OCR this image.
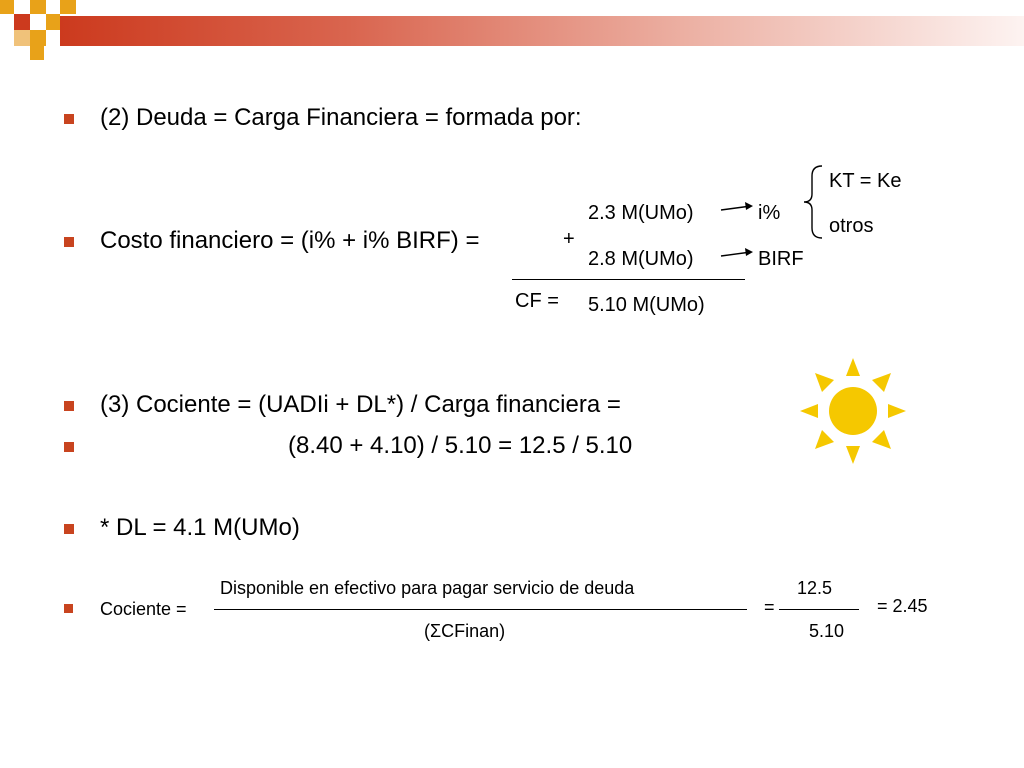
(2) Deuda = Carga Financiera = formada por:
Costo financiero = (i% + i% BIRF) =	+
2.3 M(UMo)	i%
2.8 M(UMo)	BIRF
KT = Ke
otros
CF = 5.10 M(UMo)
(3) Cociente = (UADIi + DL*) / Carga financiera =
(8.40 + 4.10) / 5.10 = 12.5 / 5.10
* DL = 4.1 M(UMo)
Cociente =
Disponible en efectivo para pagar servicio de deuda
(ΣCFinan)
=
12.5
5.10
= 2.45
